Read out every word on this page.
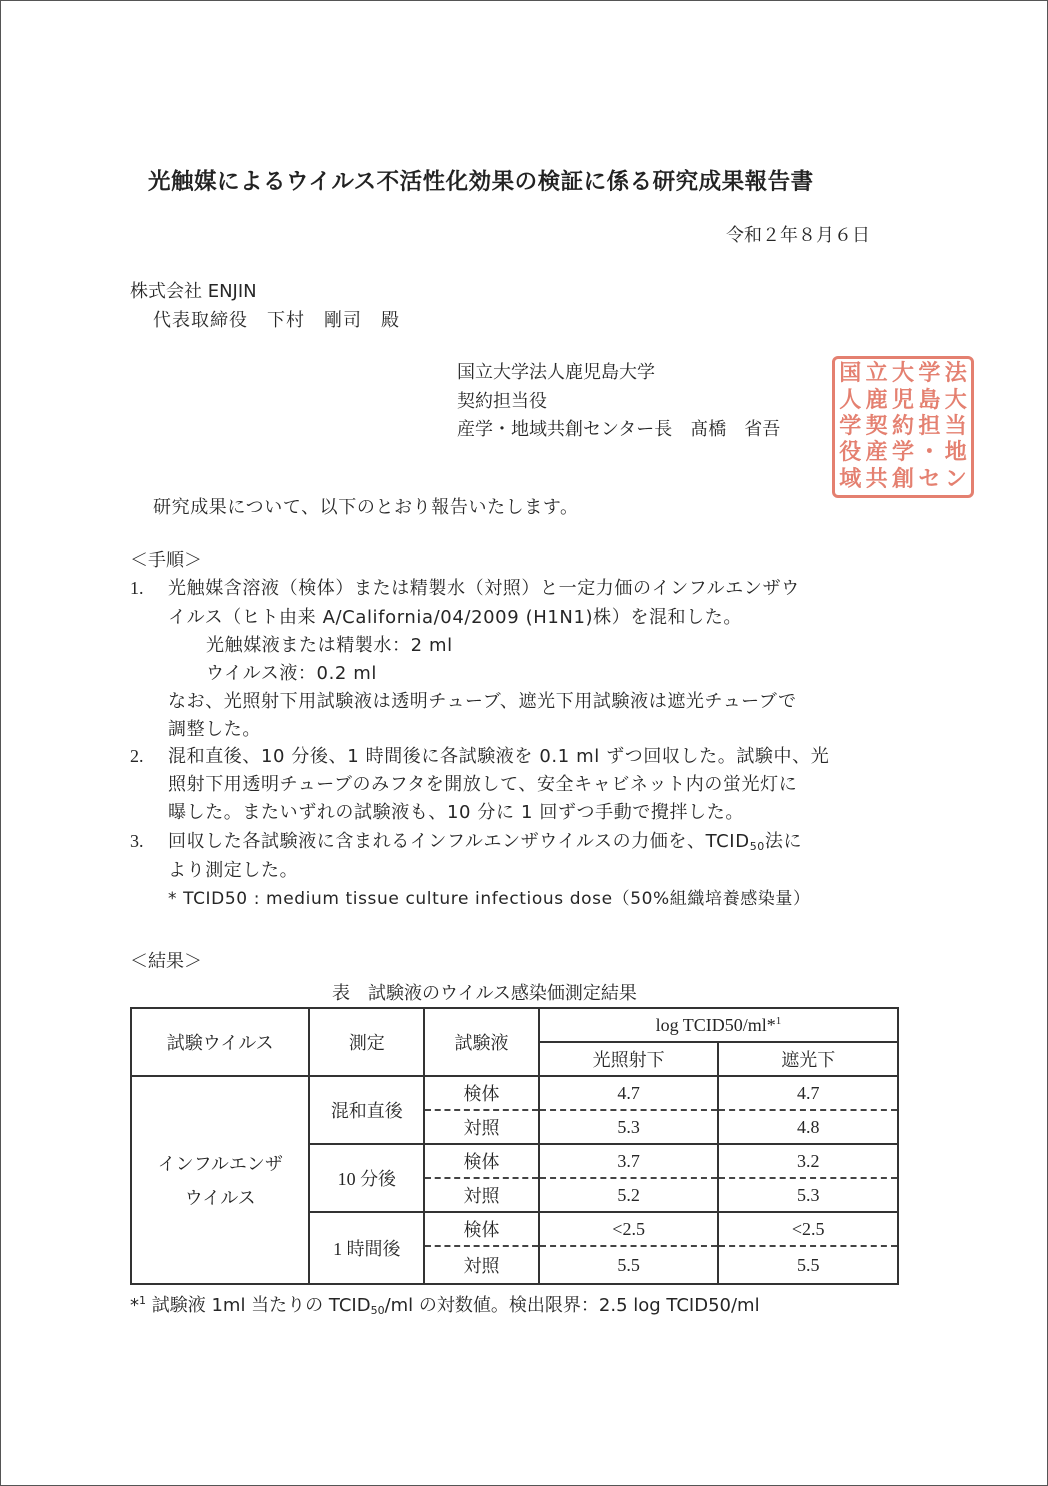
光触媒によるウイルス不活性化効果の検証に係る研究成果報告書
令和２年８月６日
株式会社 ENJIN
代表取締役　下村　剛司　殿
国立大学法人鹿児島大学
契約担当役
産学・地域共創センター長　髙橋　省吾
国 立 大 学 法
人 鹿 児 島 大
学 契 約 担 当
役 産 学 ・ 地
域 共 創 セ ン
研究成果について、以下のとおり報告いたします。
＜手順＞
1. 光触媒含溶液（検体）または精製水（対照）と一定力価のインフルエンザウ
イルス（ヒト由来 A/California/04/2009 (H1N1)株）を混和した。
光触媒液または精製水：2 ml
ウイルス液：0.2 ml
なお、光照射下用試験液は透明チューブ、遮光下用試験液は遮光チューブで
調整した。
2. 混和直後、10 分後、1 時間後に各試験液を 0.1 ml ずつ回収した。試験中、光
照射下用透明チューブのみフタを開放して、安全キャビネット内の蛍光灯に
曝した。またいずれの試験液も、10 分に 1 回ずつ手動で攪拌した。
3. 回収した各試験液に含まれるインフルエンザウイルスの力価を、$TCID_{50}$法に
より測定した。
* TCID50 : medium tissue culture infectious dose（50%組織培養感染量）
＜結果＞
表　試験液のウイルス感染価測定結果
試験ウイルス	測定	試験液	log TCID50/ml*$^1$
			光照射下	遮光下

インフルエンザ
ウイルス	混和直後	検体	4.7	4.7
		対照	5.3	4.8
	10 分後	検体	3.7	3.2
		対照	5.2	5.3
	1 時間後	検体	<2.5	<2.5
		対照	5.5	5.5
*$^1$ 試験液 1ml 当たりの $TCID_{50}/ml$ の対数値。検出限界：2.5 log TCID50/ml
